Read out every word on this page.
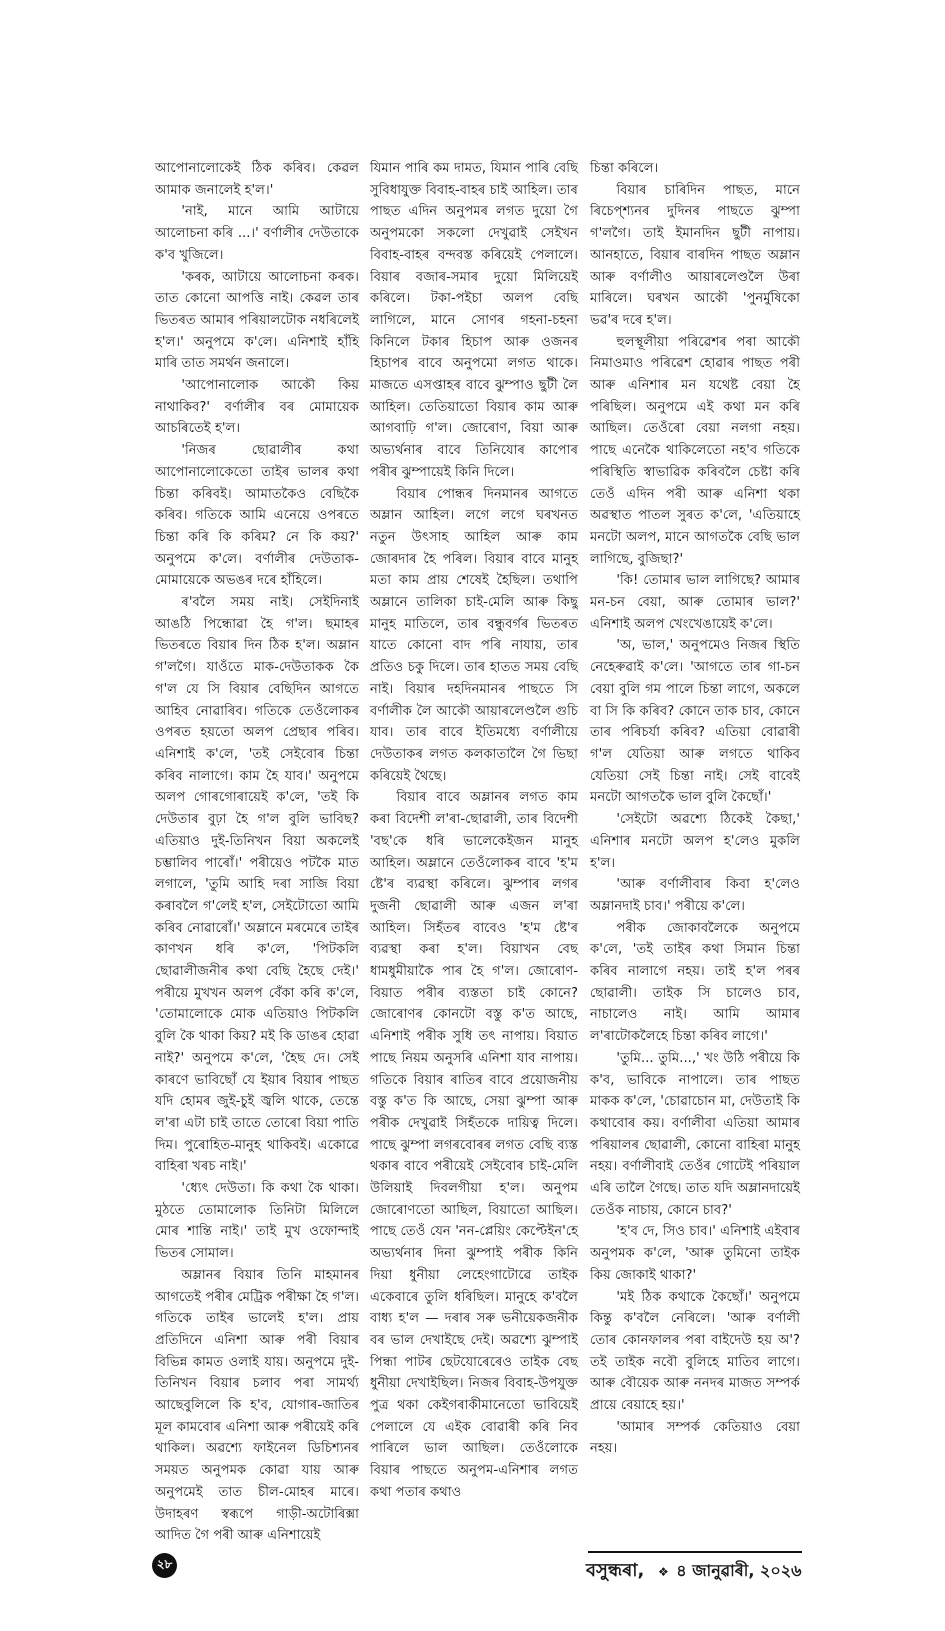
আপোনালোকেই ঠিক কৰিব। কেৱল আমাক জনালেই হ'ল।'

'নাই, মানে আমি আটায়ে আলোচনা কৰি ...।' বৰ্ণালীৰ দেউতাকে ক'ব খুজিলে।

'কৰক, আটায়ে আলোচনা কৰক। তাত কোনো আপত্তি নাই। কেৱল তাৰ ভিতৰত আমাৰ পৰিয়ালটোক নধৰিলেই হ'ল।' অনুপমে ক'লে। এনিশাই হাঁহি মাৰি তাত সমৰ্থন জনালে।

'আপোনালোক আকৌ কিয় নাথাকিব?' বৰ্ণালীৰ বৰ মোমায়েক আচৰিতেই হ'ল।

'নিজৰ ছোৱালীৰ কথা আপোনালোকেতো তাইৰ ভালৰ কথা চিন্তা কৰিবই। আমাতকৈও বেছিকৈ কৰিব। গতিকে আমি এনেয়ে ওপৰতে চিন্তা কৰি কি কৰিম? নে কি কয়?' অনুপমে ক'লে। বৰ্ণালীৰ দেউতাক-মোমায়েকে অভঙৰ দৰে হাঁহিলে।

ৰ'বলৈ সময় নাই। সেইদিনাই আঙঠি পিন্ধোৱা হৈ গ'ল। ছমাহৰ ভিতৰতে বিয়াৰ দিন ঠিক হ'ল। অম্লান গ'লগৈ। যাওঁতে মাক-দেউতাকক কৈ গ'ল যে সি বিয়াৰ বেছিদিন আগতে আহিব নোৱাৰিব। গতিকে তেওঁলোকৰ ওপৰত হয়তো অলপ প্ৰেছাৰ পৰিব। এনিশাই ক'লে, 'তই সেইবোৰ চিন্তা কৰিব নালাগে। কাম হৈ যাব।' অনুপমে অলপ গোৰগোৰায়েই ক'লে, 'তই কি দেউতাৰ বুঢ়া হৈ গ'ল বুলি ভাবিছ? এতিয়াও দুই-তিনিখন বিয়া অকলেই চম্ভালিব পাৰোঁ।' পৰীয়েও পটকৈ মাত লগালে, 'তুমি আহি দৰা সাজি বিয়া কৰাবলৈ গ'লেই হ'ল, সেইটোতো আমি কৰিব নোৱাৰোঁ।' অম্লানে মৰমেৰে তাইৰ কাণখন ধৰি ক'লে, 'পিটকলি ছোৱালীজনীৰ কথা বেছি হৈছে দেই।' পৰীয়ে মুখখন অলপ বেঁকা কৰি ক'লে, 'তোমালোকে মোক এতিয়াও পিটকলি বুলি কৈ থাকা কিয়? মই কি ডাঙৰ হোৱা নাই?' অনুপমে ক'লে, 'হৈছ দে। সেই কাৰণে ভাবিছোঁ যে ইয়াৰ বিয়াৰ পাছত যদি হোমৰ জুই-চুই জ্বলি থাকে, তেন্তে ল'ৰা এটা চাই তাতে তোৰো বিয়া পাতি দিম। পুৰোহিত-মানুহ থাকিবই। একোৱে বাহিৰা খৰচ নাই।'

'ধ্যেৎ দেউতা। কি কথা কৈ থাকা। মুঠতে তোমালোক তিনিটা মিলিলে মোৰ শান্তি নাই।' তাই মুখ ওফোন্দাই ভিতৰ সোমাল।

অম্লানৰ বিয়াৰ তিনি মাহমানৰ আগতেই পৰীৰ মেট্ৰিক পৰীক্ষা হৈ গ'ল। গতিকে তাইৰ ভালেই হ'ল। প্ৰায় প্ৰতিদিনে এনিশা আৰু পৰী বিয়াৰ বিভিন্ন কামত ওলাই যায়। অনুপমে দুই-তিনিখন বিয়াৰ চলাব পৰা সামৰ্থ্য আছেবুলিলে কি হ'ব, যোগাৰ-জাতিৰ মূল কামবোৰ এনিশা আৰু পৰীয়েই কৰি থাকিল। অৱশ্যে ফাইনেল ডিচিশ্যনৰ সময়ত অনুপমক কোৱা যায় আৰু অনুপমেই তাত চীল-মোহৰ মাৰে। উদাহৰণ স্বৰূপে গাড়ী-অটোৰিক্সা আদিত গৈ পৰী আৰু এনিশায়েই

যিমান পাৰি কম দামত, যিমান পাৰি বেছি সুবিধাযুক্ত বিবাহ-বাহৰ চাই আহিল। তাৰ পাছত এদিন অনুপমৰ লগত দুয়ো গৈ অনুপমকো সকলো দেখুৱাই সেইখন বিবাহ-বাহৰ বন্দবস্ত কৰিয়েই পেলালে। বিয়াৰ বজাৰ-সমাৰ দুয়ো মিলিয়েই কৰিলে। টকা-পইচা অলপ বেছি লাগিলে, মানে সোণৰ গহনা-চহনা কিনিলে টকাৰ হিচাপ আৰু ওজনৰ হিচাপৰ বাবে অনুপমো লগত থাকে। মাজতে এসপ্তাহৰ বাবে ঝুম্পাও ছুটী লৈ আহিল। তেতিয়াতো বিয়াৰ কাম আৰু আগবাঢ়ি গ'ল। জোৰোণ, বিয়া আৰু অভ্যৰ্থনাৰ বাবে তিনিযোৰ কাপোৰ পৰীৰ ঝুম্পায়েই কিনি দিলে।

বিয়াৰ পোন্ধৰ দিনমানৰ আগতে অম্লান আহিল। লগে লগে ঘৰখনত নতুন উৎসাহ আহিল আৰু কাম জোৰদাৰ হৈ পৰিল। বিয়াৰ বাবে মানুহ মতা কাম প্ৰায় শেষেই হৈছিল। তথাপি অম্লানে তালিকা চাই-মেলি আৰু কিছু মানুহ মাতিলে, তাৰ বন্ধুবৰ্গৰ ভিতৰত যাতে কোনো বাদ পৰি নাযায়, তাৰ প্ৰতিও চকু দিলে। তাৰ হাতত সময় বেছি নাই। বিয়াৰ দহদিনমানৰ পাছতে সি বৰ্ণালীক লৈ আকৌ আয়াৰলেণ্ডলৈ গুচি যাব। তাৰ বাবে ইতিমধ্যে বৰ্ণালীয়ে দেউতাকৰ লগত কলকাতালৈ গৈ ভিছা কৰিয়েই থৈছে।

বিয়াৰ বাবে অম্লানৰ লগত কাম কৰা বিদেশী ল'ৰা-ছোৱালী, তাৰ বিদেশী 'বছ'কে ধৰি ভালেকেইজন মানুহ আহিল। অম্লানে তেওঁলোকৰ বাবে 'হ'ম ষ্টে'ৰ ব্যৱস্থা কৰিলে। ঝুম্পাৰ লগৰ দুজনী ছোৱালী আৰু এজন ল'ৰা আহিল। সিহঁতৰ বাবেও 'হ'ম ষ্টে'ৰ ব্যৱস্থা কৰা হ'ল। বিয়াখন বেছ ধামধুমীয়াকৈ পাৰ হৈ গ'ল। জোৰোণ-বিয়াত পৰীৰ ব্যস্ততা চাই কোনে? জোৰোণৰ কোনটো বস্তু ক'ত আছে, এনিশাই পৰীক সুধি তৎ নাপায়। বিয়াত পাছে নিয়ম অনুসৰি এনিশা যাব নাপায়। গতিকে বিয়াৰ ৰাতিৰ বাবে প্ৰয়োজনীয় বস্তু ক'ত কি আছে, সেয়া ঝুম্পা আৰু পৰীক দেখুৱাই সিহঁতকে দায়িত্ব দিলে। পাছে ঝুম্পা লগৰবোৰৰ লগত বেছি ব্যস্ত থকাৰ বাবে পৰীয়েই সেইবোৰ চাই-মেলি উলিয়াই দিবলগীয়া হ'ল। অনুপম জোৰোণতো আছিল, বিয়াতো আছিল। পাছে তেওঁ যেন 'নন-প্লেয়িং কেপ্টেইন'হে অভ্যৰ্থনাৰ দিনা ঝুম্পাই পৰীক কিনি দিয়া ধুনীয়া লেহেংগাটোৱে তাইক একেবাৰে তুলি ধৰিছিল। মানুহে ক'বলৈ বাধ্য হ'ল — দৰাৰ সৰু ভনীয়েকজনীক বৰ ভাল দেখাইছে দেই। অৱশ্যে ঝুম্পাই পিন্ধা পাটৰ ছেটযোৰেৰেও তাইক বেছ ধুনীয়া দেখাইছিল। নিজৰ বিবাহ-উপযুক্ত পুত্ৰ থকা কেইগৰাকীমানেতো ভাবিয়েই পেলালে যে এইক বোৱাৰী কৰি নিব পাৰিলে ভাল আছিল। তেওঁলোকে বিয়াৰ পাছতে অনুপম-এনিশাৰ লগত কথা পতাৰ কথাও

চিন্তা কৰিলে।

বিয়াৰ চাৰিদিন পাছত, মানে ৰিচেপ্শ্যনৰ দুদিনৰ পাছতে ঝুম্পা গ'লগৈ। তাই ইমানদিন ছুটী নাপায়। আনহাতে, বিয়াৰ বাৰদিন পাছত অম্লান আৰু বৰ্ণালীও আয়াৰলেণ্ডলৈ উৰা মাৰিলে। ঘৰখন আকৌ 'পুনৰ্মুষিকো ভৱ'ৰ দৰে হ'ল।

হুলস্থূলীয়া পৰিৱেশৰ পৰা আকৌ নিমাওমাও পৰিৱেশ হোৱাৰ পাছত পৰী আৰু এনিশাৰ মন যথেষ্ট বেয়া হৈ পৰিছিল। অনুপমে এই কথা মন কৰি আছিল। তেওঁৰো বেয়া নলগা নহয়। পাছে এনেকৈ থাকিলেতো নহ'ব গতিকে পৰিস্থিতি স্বাভাৱিক কৰিবলৈ চেষ্টা কৰি তেওঁ এদিন পৰী আৰু এনিশা থকা অৱস্থাত পাতল সুৰত ক'লে, 'এতিয়াহে মনটো অলপ, মানে আগতকৈ বেছি ভাল লাগিছে, বুজিছা?'

'কি! তোমাৰ ভাল লাগিছে? আমাৰ মন-চন বেয়া, আৰু তোমাৰ ভাল?' এনিশাই অলপ খেংখেঙায়েই ক'লে।

'অ, ভাল,' অনুপমেও নিজৰ স্থিতি নেহেৰুৱাই ক'লে। 'আগতে তাৰ গা-চন বেয়া বুলি গম পালে চিন্তা লাগে, অকলে বা সি কি কৰিব? কোনে তাক চাব, কোনে তাৰ পৰিচৰ্যা কৰিব? এতিয়া বোৱাৰী গ'ল যেতিয়া আৰু লগতে থাকিব যেতিয়া সেই চিন্তা নাই। সেই বাবেই মনটো আগতকৈ ভাল বুলি কৈছোঁ।'

'সেইটো অৱশ্যে ঠিকেই কৈছা,' এনিশাৰ মনটো অলপ হ'লেও মুকলি হ'ল।

'আৰু বৰ্ণালীবাৰ কিবা হ'লেও অম্লানদাই চাব।' পৰীয়ে ক'লে।

পৰীক জোকাবলৈকে অনুপমে ক'লে, 'তই তাইৰ কথা সিমান চিন্তা কৰিব নালাগে নহয়। তাই হ'ল পৰৰ ছোৱালী। তাইক সি চালেও চাব, নাচালেও নাই। আমি আমাৰ ল'ৰাটোকলৈহে চিন্তা কৰিব লাগে।'

'তুমি... তুমি...,' খং উঠি পৰীয়ে কি ক'ব, ভাবিকে নাপালে। তাৰ পাছত মাকক ক'লে, 'চোৱাচোন মা, দেউতাই কি কথাবোৰ কয়। বৰ্ণালীবা এতিয়া আমাৰ পৰিয়ালৰ ছোৱালী, কোনো বাহিৰা মানুহ নহয়। বৰ্ণালীবাই তেওঁৰ গোটেই পৰিয়াল এৰি তালৈ গৈছে। তাত যদি অম্লানদায়েই তেওঁক নাচায়, কোনে চাব?'

'হ'ব দে, সিও চাব।' এনিশাই এইবাৰ অনুপমক ক'লে, 'আৰু তুমিনো তাইক কিয় জোকাই থাকা?'

'মই ঠিক কথাকে কৈছোঁ।' অনুপমে কিন্তু ক'বলৈ নেৰিলে। 'আৰু বৰ্ণালী তোৰ কোনফালৰ পৰা বাইদেউ হয় অ'? তই তাইক নবৌ বুলিহে মাতিব লাগে। আৰু বৌয়েক আৰু ননদৰ মাজত সম্পৰ্ক প্ৰায়ে বেয়াহে হয়।'

'আমাৰ সম্পৰ্ক কেতিয়াও বেয়া নহয়।

২৮	বসুন্ধৰা, ❖ ৪ জানুৱাৰী, ২০২৬
